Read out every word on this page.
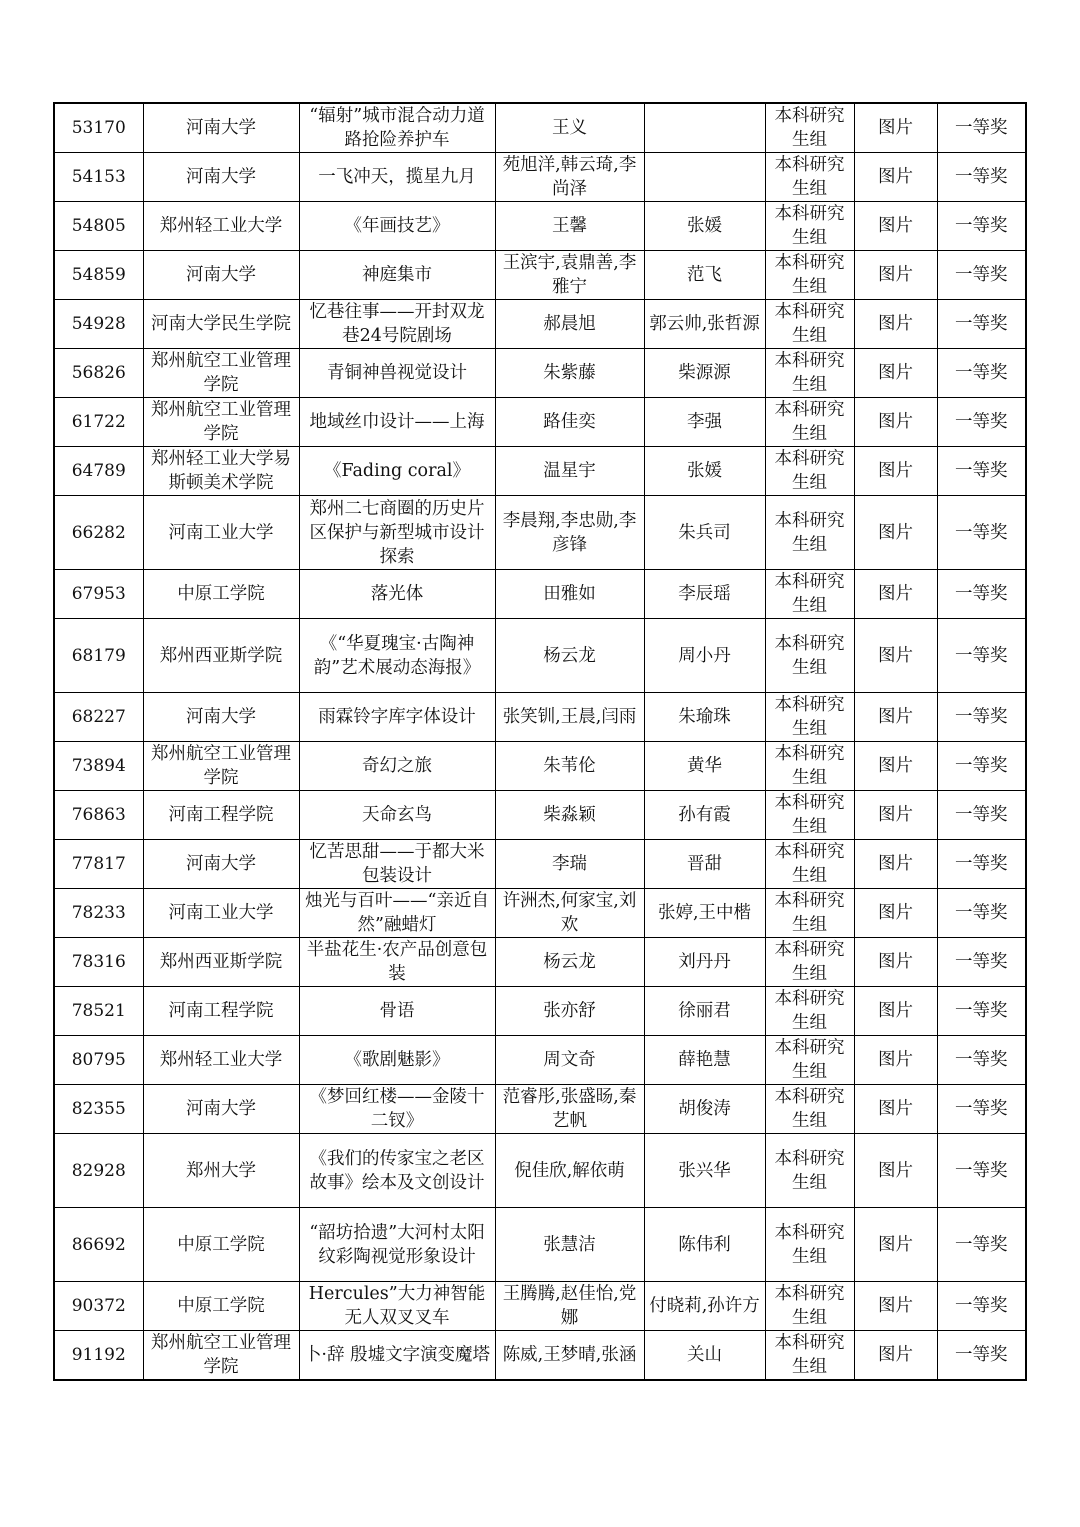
53170	河南大学	“辐射”城市混合动力道路抢险养护车	王义		本科研究生组	图片	一等奖
54153	河南大学	一飞冲天，揽星九月	苑旭洋,韩云琦,李尚泽		本科研究生组	图片	一等奖
54805	郑州轻工业大学	《年画技艺》	王馨	张媛	本科研究生组	图片	一等奖
54859	河南大学	神庭集市	王滨宇,袁鼎善,李雅宁	范飞	本科研究生组	图片	一等奖
54928	河南大学民生学院	忆巷往事——开封双龙巷24号院剧场	郝晨旭	郭云帅,张哲源	本科研究生组	图片	一等奖
56826	郑州航空工业管理学院	青铜神兽视觉设计	朱紫藤	柴源源	本科研究生组	图片	一等奖
61722	郑州航空工业管理学院	地域丝巾设计——上海	路佳奕	李强	本科研究生组	图片	一等奖
64789	郑州轻工业大学易斯顿美术学院	《Fading coral》	温星宇	张媛	本科研究生组	图片	一等奖
66282	河南工业大学	郑州二七商圈的历史片区保护与新型城市设计探索	李晨翔,李忠勋,李彦锋	朱兵司	本科研究生组	图片	一等奖
67953	中原工学院	落光体	田雅如	李辰瑶	本科研究生组	图片	一等奖
68179	郑州西亚斯学院	《“华夏瑰宝·古陶神韵”艺术展动态海报》	杨云龙	周小丹	本科研究生组	图片	一等奖
68227	河南大学	雨霖铃字库字体设计	张笑钏,王晨,闫雨	朱瑜珠	本科研究生组	图片	一等奖
73894	郑州航空工业管理学院	奇幻之旅	朱苇伦	黄华	本科研究生组	图片	一等奖
76863	河南工程学院	天命玄鸟	柴淼颖	孙有霞	本科研究生组	图片	一等奖
77817	河南大学	忆苦思甜——于都大米包装设计	李瑞	晋甜	本科研究生组	图片	一等奖
78233	河南工业大学	烛光与百叶——“亲近自然”融蜡灯	许洲杰,何家宝,刘欢	张婷,王中楷	本科研究生组	图片	一等奖
78316	郑州西亚斯学院	半盐花生·农产品创意包装	杨云龙	刘丹丹	本科研究生组	图片	一等奖
78521	河南工程学院	骨语	张亦舒	徐丽君	本科研究生组	图片	一等奖
80795	郑州轻工业大学	《歌剧魅影》	周文奇	薛艳慧	本科研究生组	图片	一等奖
82355	河南大学	《梦回红楼——金陵十二钗》	范睿彤,张盛旸,秦艺帆	胡俊涛	本科研究生组	图片	一等奖
82928	郑州大学	《我们的传家宝之老区故事》绘本及文创设计	倪佳欣,解依萌	张兴华	本科研究生组	图片	一等奖
86692	中原工学院	“韶坊拾遗”大河村太阳纹彩陶视觉形象设计	张慧洁	陈伟利	本科研究生组	图片	一等奖
90372	中原工学院	Hercules”大力神智能无人双叉叉车	王腾腾,赵佳怡,党娜	付晓莉,孙许方	本科研究生组	图片	一等奖
91192	郑州航空工业管理学院	卜·辞 殷墟文字演变魔塔	陈威,王梦晴,张涵	关山	本科研究生组	图片	一等奖
